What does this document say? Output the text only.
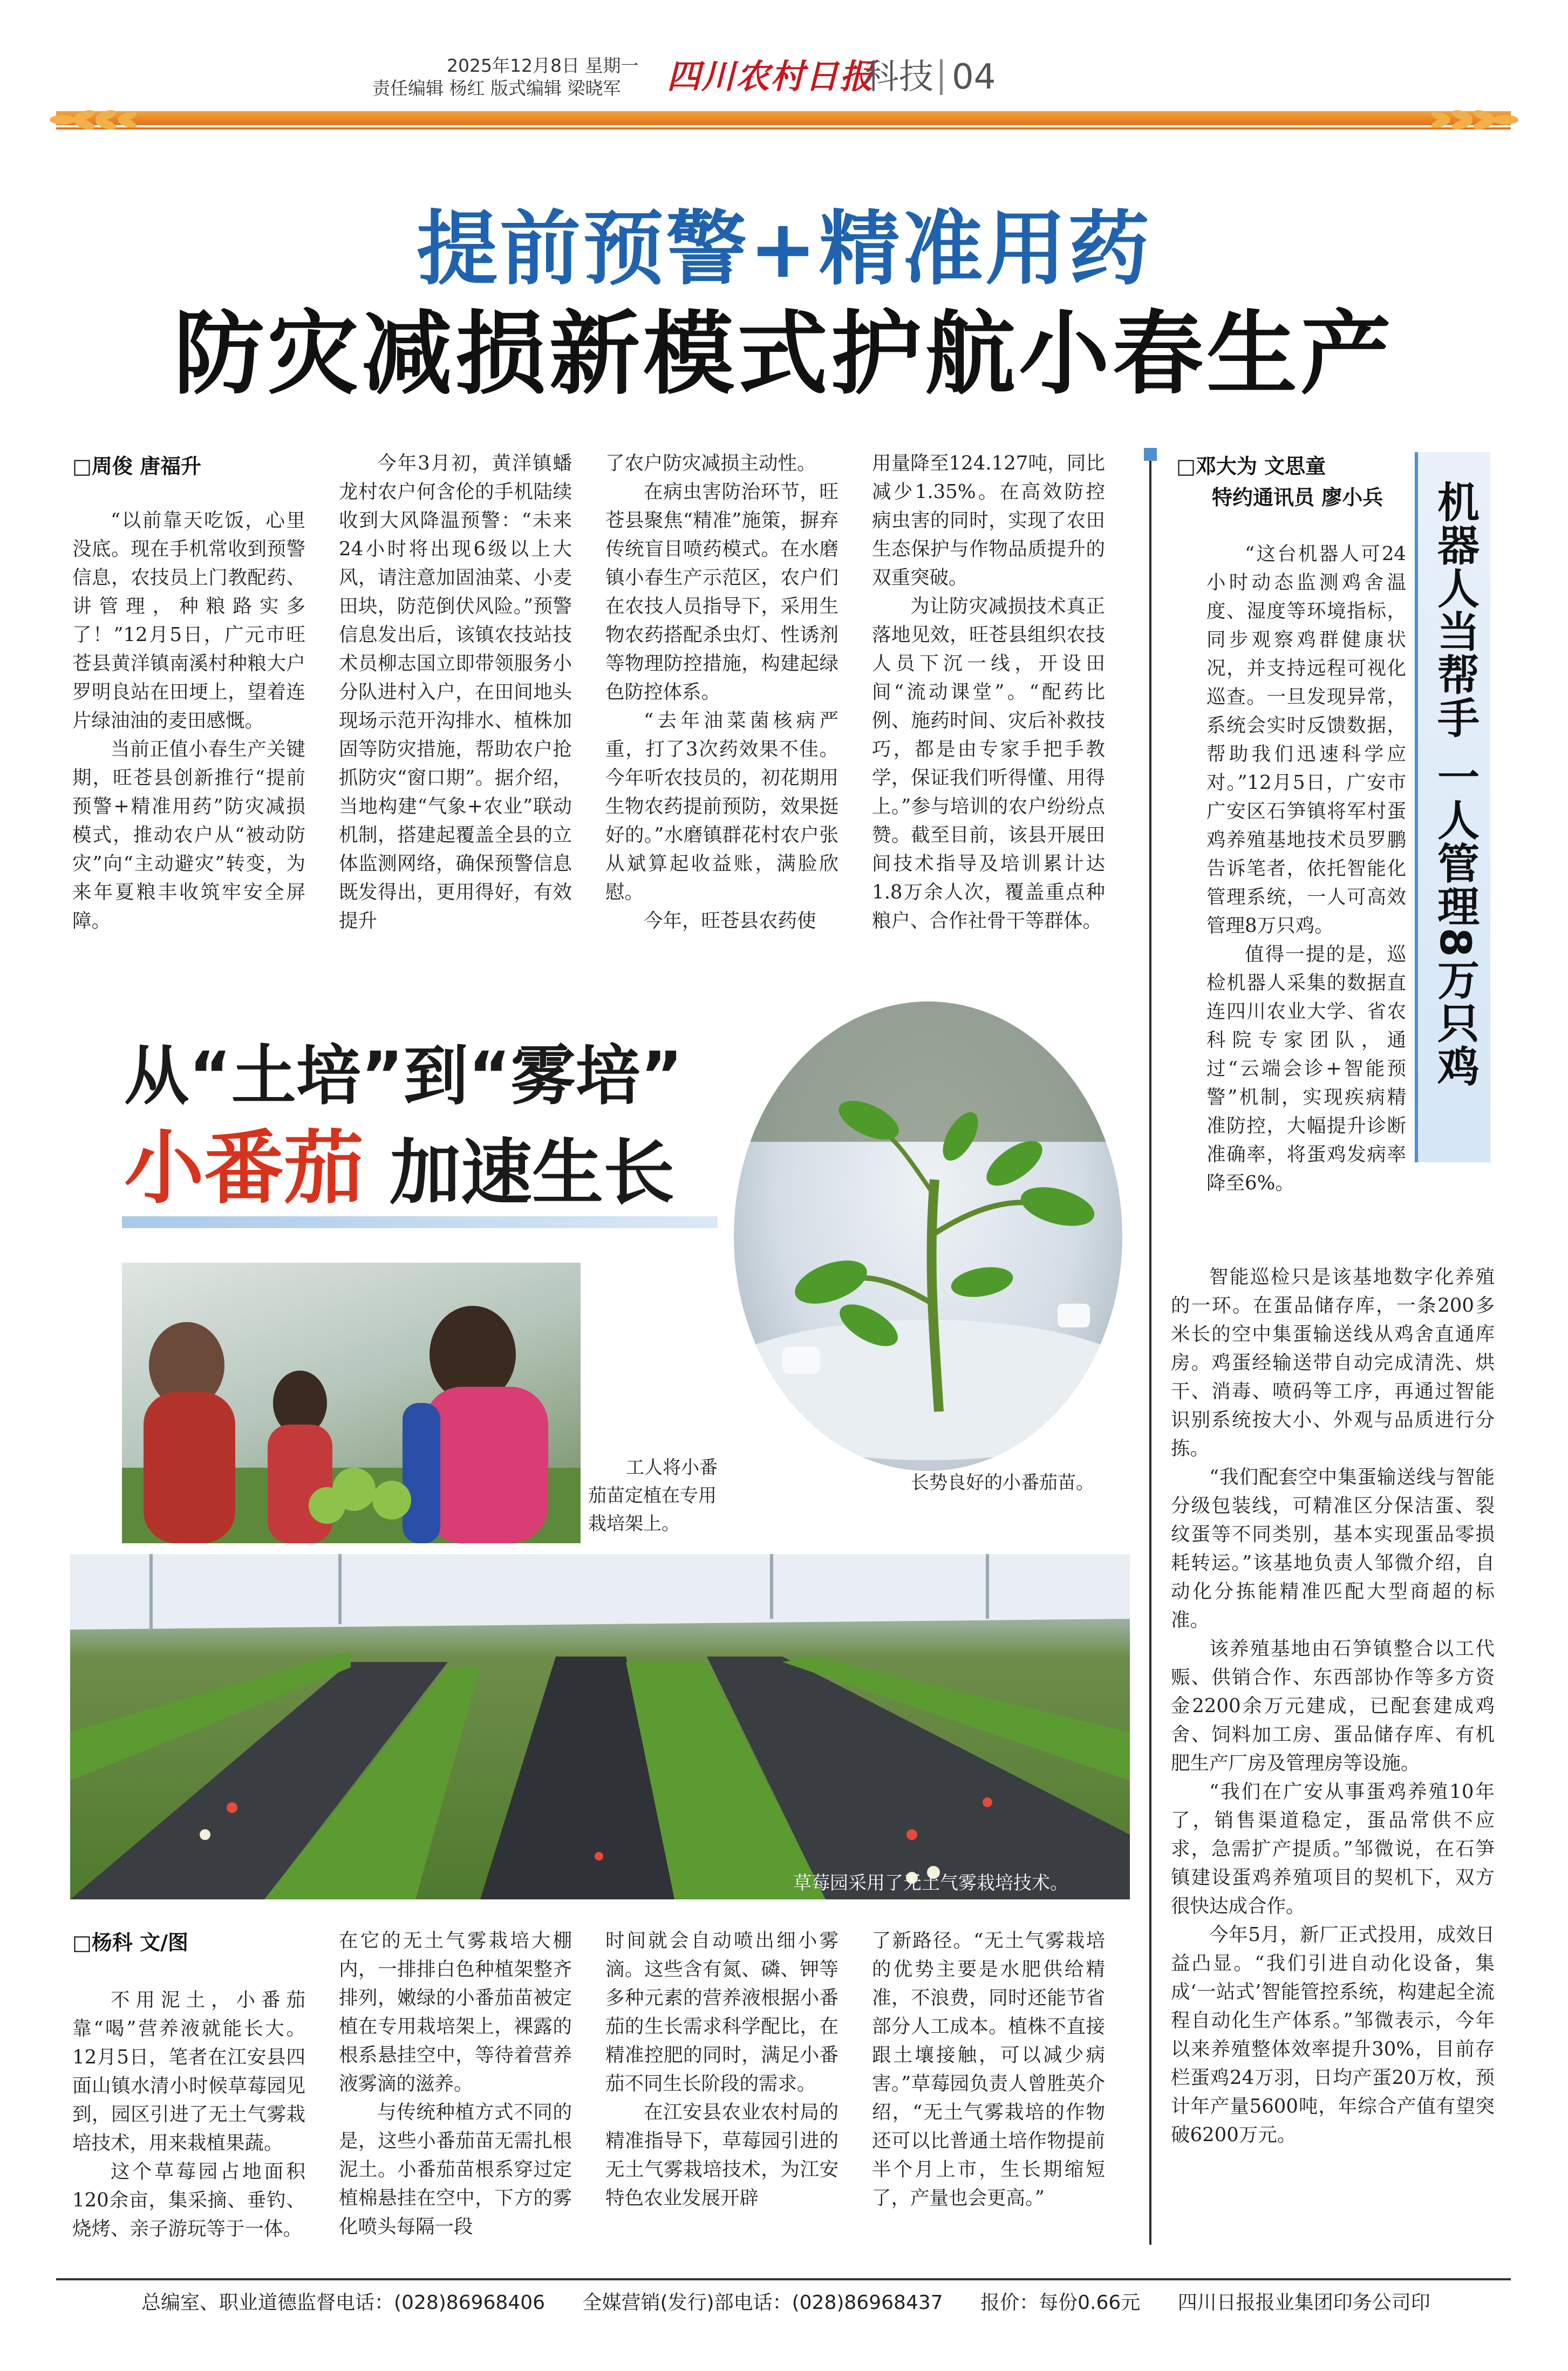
2025年12月8日 星期一
责任编辑 杨红 版式编辑 梁晓军	四川农村日报
科技 04
提前预警+精准用药
防灾减损新模式护航小春生产
□周俊 唐福升

“以前靠天吃饭，心里没底。现在手机常收到预警信息，农技员上门教配药、讲管理，种粮路实多了！”12月5日，广元市旺苍县黄洋镇南溪村种粮大户罗明良站在田埂上，望着连片绿油油的麦田感慨。

当前正值小春生产关键期，旺苍县创新推行“提前预警+精准用药”防灾减损模式，推动农户从“被动防灾”向“主动避灾”转变，为来年夏粮丰收筑牢安全屏障。

今年3月初，黄洋镇蟠龙村农户何含伦的手机陆续收到大风降温预警：“未来24小时将出现6级以上大风，请注意加固油菜、小麦田块，防范倒伏风险。”预警信息发出后，该镇农技站技术员柳志国立即带领服务小分队进村入户，在田间地头现场示范开沟排水、植株加固等防灾措施，帮助农户抢抓防灾“窗口期”。据介绍，当地构建“气象+农业”联动机制，搭建起覆盖全县的立体监测网络，确保预警信息既发得出，更用得好，有效提升

了农户防灾减损主动性。

在病虫害防治环节，旺苍县聚焦“精准”施策，摒弃传统盲目喷药模式。在水磨镇小春生产示范区，农户们在农技人员指导下，采用生物农药搭配杀虫灯、性诱剂等物理防控措施，构建起绿色防控体系。

“去年油菜菌核病严重，打了3次药效果不佳。今年听农技员的，初花期用生物农药提前预防，效果挺好的。”水磨镇群花村农户张从斌算起收益账，满脸欣慰。

今年，旺苍县农药使

用量降至124.127吨，同比减少1.35%。在高效防控病虫害的同时，实现了农田生态保护与作物品质提升的双重突破。

为让防灾减损技术真正落地见效，旺苍县组织农技人员下沉一线，开设田间“流动课堂”。“配药比例、施药时间、灾后补救技巧，都是由专家手把手教学，保证我们听得懂、用得上。”参与培训的农户纷纷点赞。截至目前，该县开展田间技术指导及培训累计达1.8万余人次，覆盖重点种粮户、合作社骨干等群体。

□邓大为 文思童
特约通讯员 廖小兵 机器人当帮手 一人管理8万只鸡

“这台机器人可24小时动态监测鸡舍温度、湿度等环境指标，同步观察鸡群健康状况，并支持远程可视化巡查。一旦发现异常，系统会实时反馈数据，帮助我们迅速科学应对。”12月5日，广安市广安区石笋镇将军村蛋鸡养殖基地技术员罗鹏告诉笔者，依托智能化管理系统，一人可高效管理8万只鸡。

值得一提的是，巡检机器人采集的数据直连四川农业大学、省农科院专家团队，通过“云端会诊+智能预警”机制，实现疾病精准防控，大幅提升诊断准确率，将蛋鸡发病率降至6%。

智能巡检只是该基地数字化养殖的一环。在蛋品储存库，一条200多米长的空中集蛋输送线从鸡舍直通库房。鸡蛋经输送带自动完成清洗、烘干、消毒、喷码等工序，再通过智能识别系统按大小、外观与品质进行分拣。

“我们配套空中集蛋输送线与智能分级包装线，可精准区分保洁蛋、裂纹蛋等不同类别，基本实现蛋品零损耗转运。”该基地负责人邹微介绍，自动化分拣能精准匹配大型商超的标准。

该养殖基地由石笋镇整合以工代赈、供销合作、东西部协作等多方资金2200余万元建成，已配套建成鸡舍、饲料加工房、蛋品储存库、有机肥生产厂房及管理房等设施。

“我们在广安从事蛋鸡养殖10年了，销售渠道稳定，蛋品常供不应求，急需扩产提质。”邹微说，在石笋镇建设蛋鸡养殖项目的契机下，双方很快达成合作。

今年5月，新厂正式投用，成效日益凸显。“我们引进自动化设备，集成‘一站式’智能管控系统，构建起全流程自动化生产体系。”邹微表示，今年以来养殖整体效率提升30%，目前存栏蛋鸡24万羽，日均产蛋20万枚，预计年产量5600吨，年综合产值有望突破6200万元。

从“土培”到“雾培”
小番茄 加速生长
工人将小番
茄苗定植在专用
栽培架上。
长势良好的小番茄苗。
草莓园采用了无土气雾栽培技术。
□杨科 文/图

不用泥土，小番茄靠“喝”营养液就能长大。12月5日，笔者在江安县四面山镇水清小时候草莓园见到，园区引进了无土气雾栽培技术，用来栽植果蔬。

这个草莓园占地面积120余亩，集采摘、垂钓、烧烤、亲子游玩等于一体。

在它的无土气雾栽培大棚内，一排排白色种植架整齐排列，嫩绿的小番茄苗被定植在专用栽培架上，裸露的根系悬挂空中，等待着营养液雾滴的滋养。

与传统种植方式不同的是，这些小番茄苗无需扎根泥土。小番茄苗根系穿过定植棉悬挂在空中，下方的雾化喷头每隔一段

时间就会自动喷出细小雾滴。这些含有氮、磷、钾等多种元素的营养液根据小番茄的生长需求科学配比，在精准控肥的同时，满足小番茄不同生长阶段的需求。

在江安县农业农村局的精准指导下，草莓园引进的无土气雾栽培技术，为江安特色农业发展开辟

了新路径。“无土气雾栽培的优势主要是水肥供给精准，不浪费，同时还能节省部分人工成本。植株不直接跟土壤接触，可以减少病害。”草莓园负责人曾胜英介绍，“无土气雾栽培的作物还可以比普通土培作物提前半个月上市，生长期缩短了，产量也会更高。”

总编室、职业道德监督电话：(028)86968406 全媒营销(发行)部电话：(028)86968437 报价：每份0.66元 四川日报报业集团印务公司印
